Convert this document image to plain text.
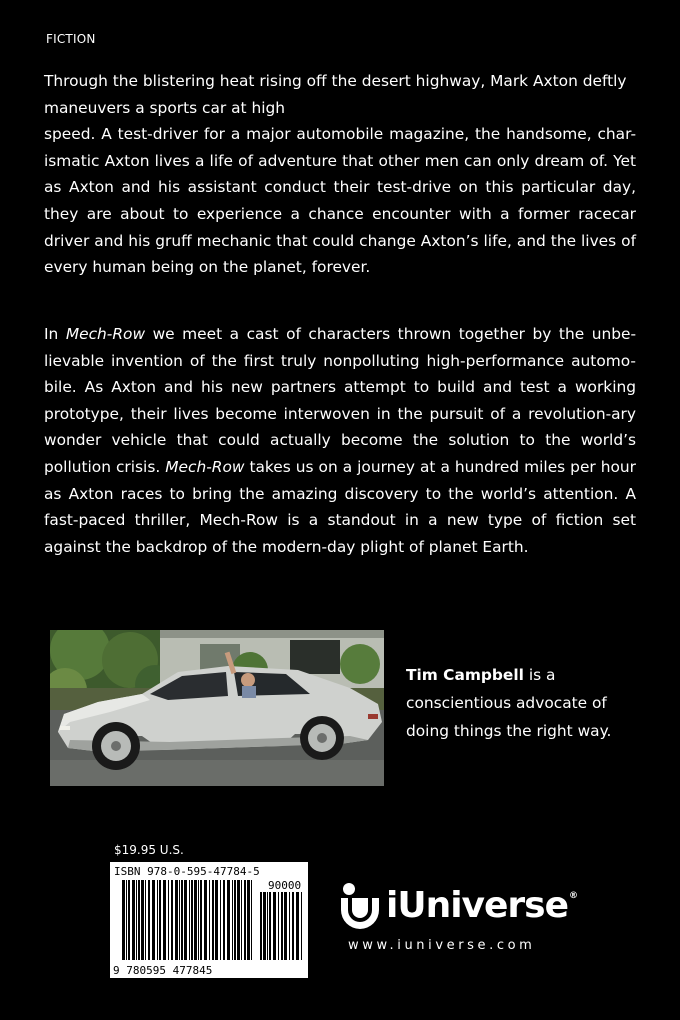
FICTION

Through the blistering heat rising off the desert highway, Mark Axton deftly maneuvers a sports car at high

speed. A test-driver for a major automobile magazine, the handsome, char-ismatic Axton lives a life of adventure that other men can only dream of. Yet as Axton and his assistant conduct their test-drive on this particular day, they are about to experience a chance encounter with a former racecar driver and his gruff mechanic that could change Axton’s life, and the lives of every human being on the planet, forever.

In Mech-Row we meet a cast of characters thrown together by the unbe-lievable invention of the first truly nonpolluting high-performance automo-bile. As Axton and his new partners attempt to build and test a working prototype, their lives become interwoven in the pursuit of a revolution-ary wonder vehicle that could actually become the solution to the world’s pollution crisis. Mech-Row takes us on a journey at a hundred miles per hour as Axton races to bring the amazing discovery to the world’s attention. A fast-paced thriller, Mech-Row is a standout in a new type of fiction set against the backdrop of the modern-day plight of planet Earth.

Tim Campbell is a conscientious advocate of doing things the right way.
$19.95 U.S.
ISBN 978-0-595-47784-5
90000
9 780595 477845
iUniverse®
www.iuniverse.com
